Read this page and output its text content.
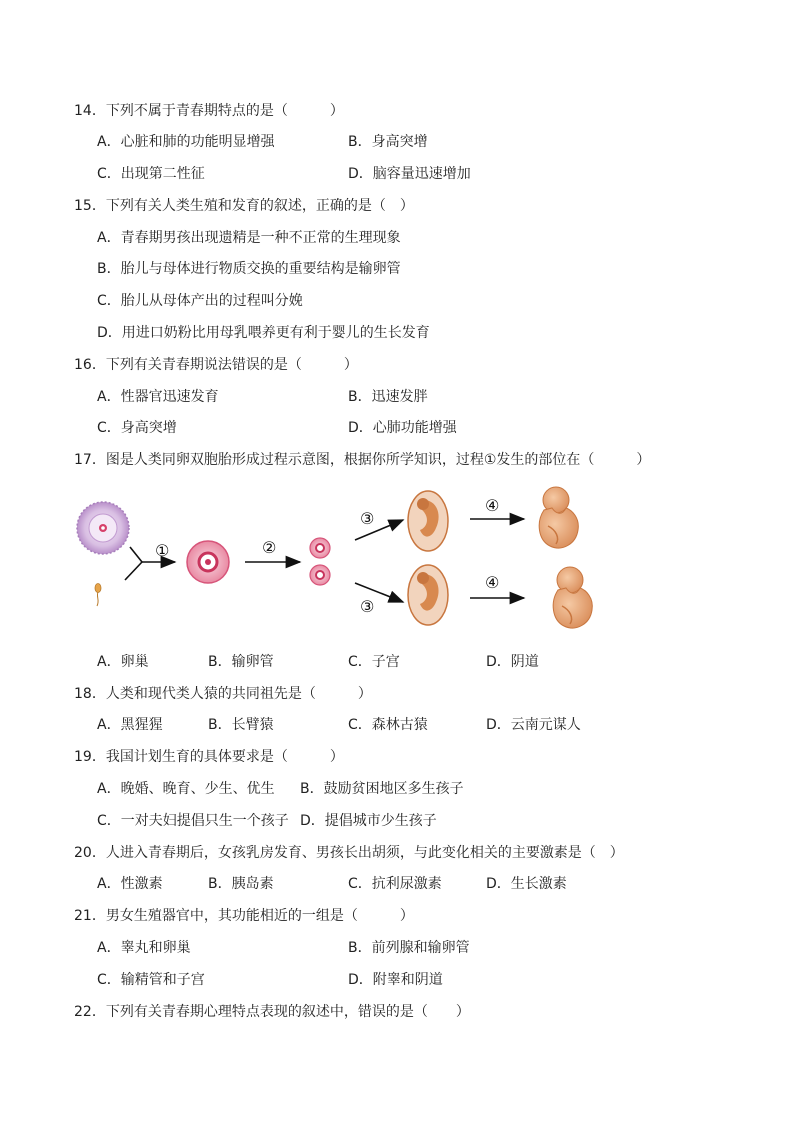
14．下列不属于青春期特点的是（　　　）
A．心脏和肺的功能明显增强	B．身高突增
C．出现第二性征	D．脑容量迅速增加
15．下列有关人类生殖和发育的叙述，正确的是（　）
A．青春期男孩出现遗精是一种不正常的生理现象
B．胎儿与母体进行物质交换的重要结构是输卵管
C．胎儿从母体产出的过程叫分娩
D．用进口奶粉比用母乳喂养更有利于婴儿的生长发育
16．下列有关青春期说法错误的是（　　　）
A．性器官迅速发育	B．迅速发胖
C．身高突增	D．心肺功能增强
17．图是人类同卵双胞胎形成过程示意图，根据你所学知识，过程①发生的部位在（　　　）
①	②
③
③
④
④
A．卵巢	B．输卵管	C．子宫	D．阴道
18．人类和现代类人猿的共同祖先是（　　　）
A．黑猩猩	B．长臂猿	C．森林古猿	D．云南元谋人
19．我国计划生育的具体要求是（　　　）
A．晚婚、晚育、少生、优生 B．鼓励贫困地区多生孩子
C．一对夫妇提倡只生一个孩子 D．提倡城市少生孩子
20．人进入青春期后，女孩乳房发育、男孩长出胡须，与此变化相关的主要激素是（　）
A．性激素	B．胰岛素	C．抗利尿激素	D．生长激素
21．男女生殖器官中，其功能相近的一组是（　　　）
A．睾丸和卵巢	B．前列腺和输卵管
C．输精管和子宫	D．附睾和阴道
22．下列有关青春期心理特点表现的叙述中，错误的是（　　）
